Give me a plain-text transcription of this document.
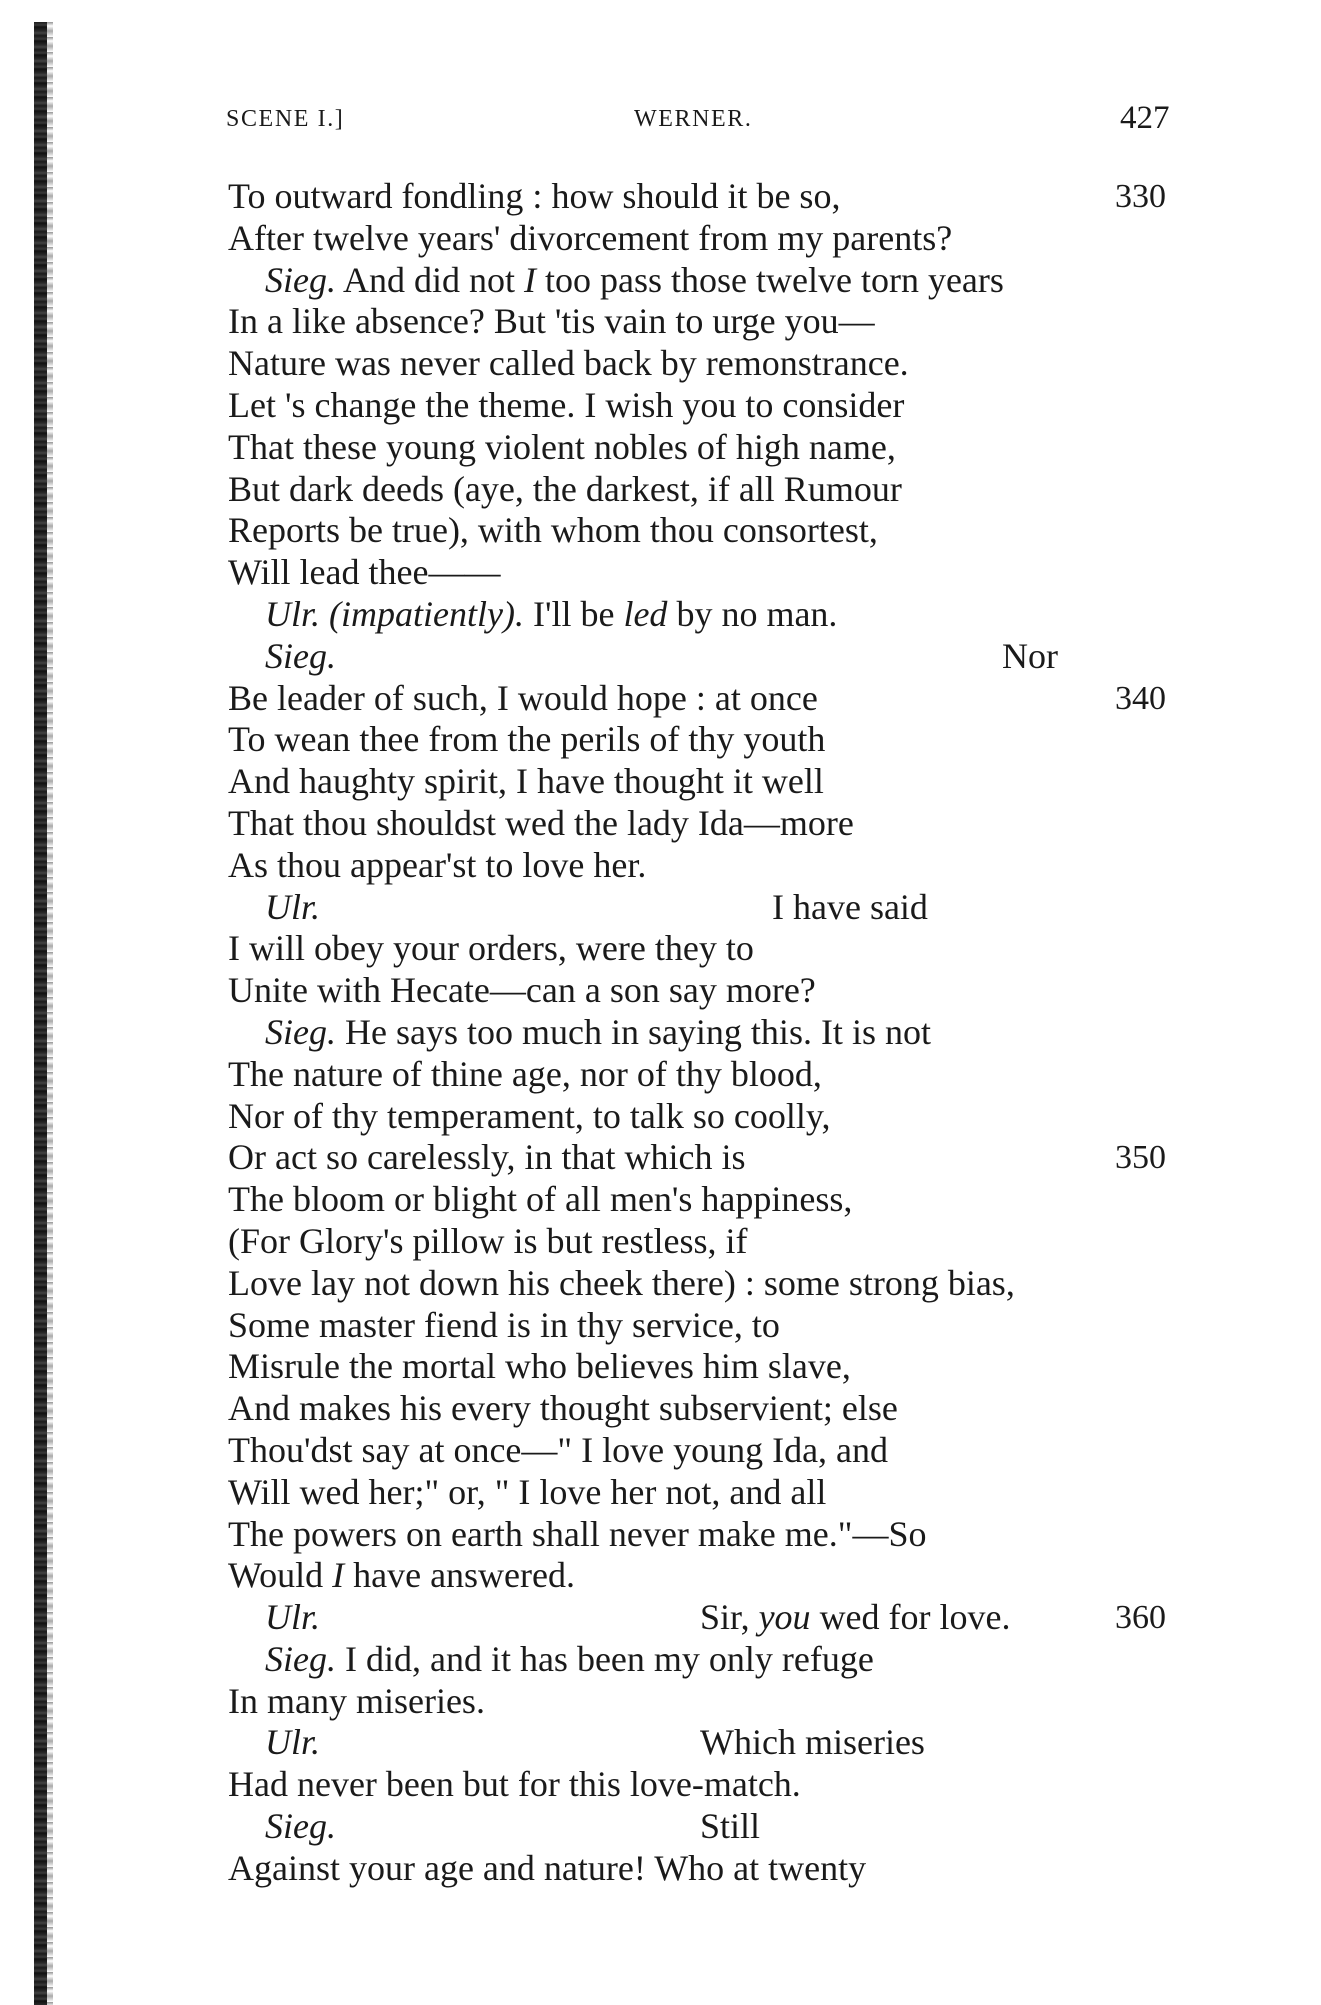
SCENE I.]	WERNER.	427
To outward fondling : how should it be so,	330
After twelve years' divorcement from my parents?
Sieg. And did not I too pass those twelve torn years
In a like absence? But 'tis vain to urge you—
Nature was never called back by remonstrance.
Let 's change the theme. I wish you to consider
That these young violent nobles of high name,
But dark deeds (aye, the darkest, if all Rumour
Reports be true), with whom thou consortest,
Will lead thee——
Ulr. (impatiently). I'll be led by no man.
Sieg.	Nor
Be leader of such, I would hope : at once	340
To wean thee from the perils of thy youth
And haughty spirit, I have thought it well
That thou shouldst wed the lady Ida—more
As thou appear'st to love her.
Ulr.	I have said
I will obey your orders, were they to
Unite with Hecate—can a son say more?
Sieg. He says too much in saying this. It is not
The nature of thine age, nor of thy blood,
Nor of thy temperament, to talk so coolly,
Or act so carelessly, in that which is	350
The bloom or blight of all men's happiness,
(For Glory's pillow is but restless, if
Love lay not down his cheek there) : some strong bias,
Some master fiend is in thy service, to
Misrule the mortal who believes him slave,
And makes his every thought subservient; else
Thou'dst say at once—" I love young Ida, and
Will wed her;" or, " I love her not, and all
The powers on earth shall never make me."—So
Would I have answered.
Ulr.	Sir, you wed for love.	360
Sieg. I did, and it has been my only refuge
In many miseries.
Ulr.	Which miseries
Had never been but for this love-match.
Sieg.	Still
Against your age and nature! Who at twenty
